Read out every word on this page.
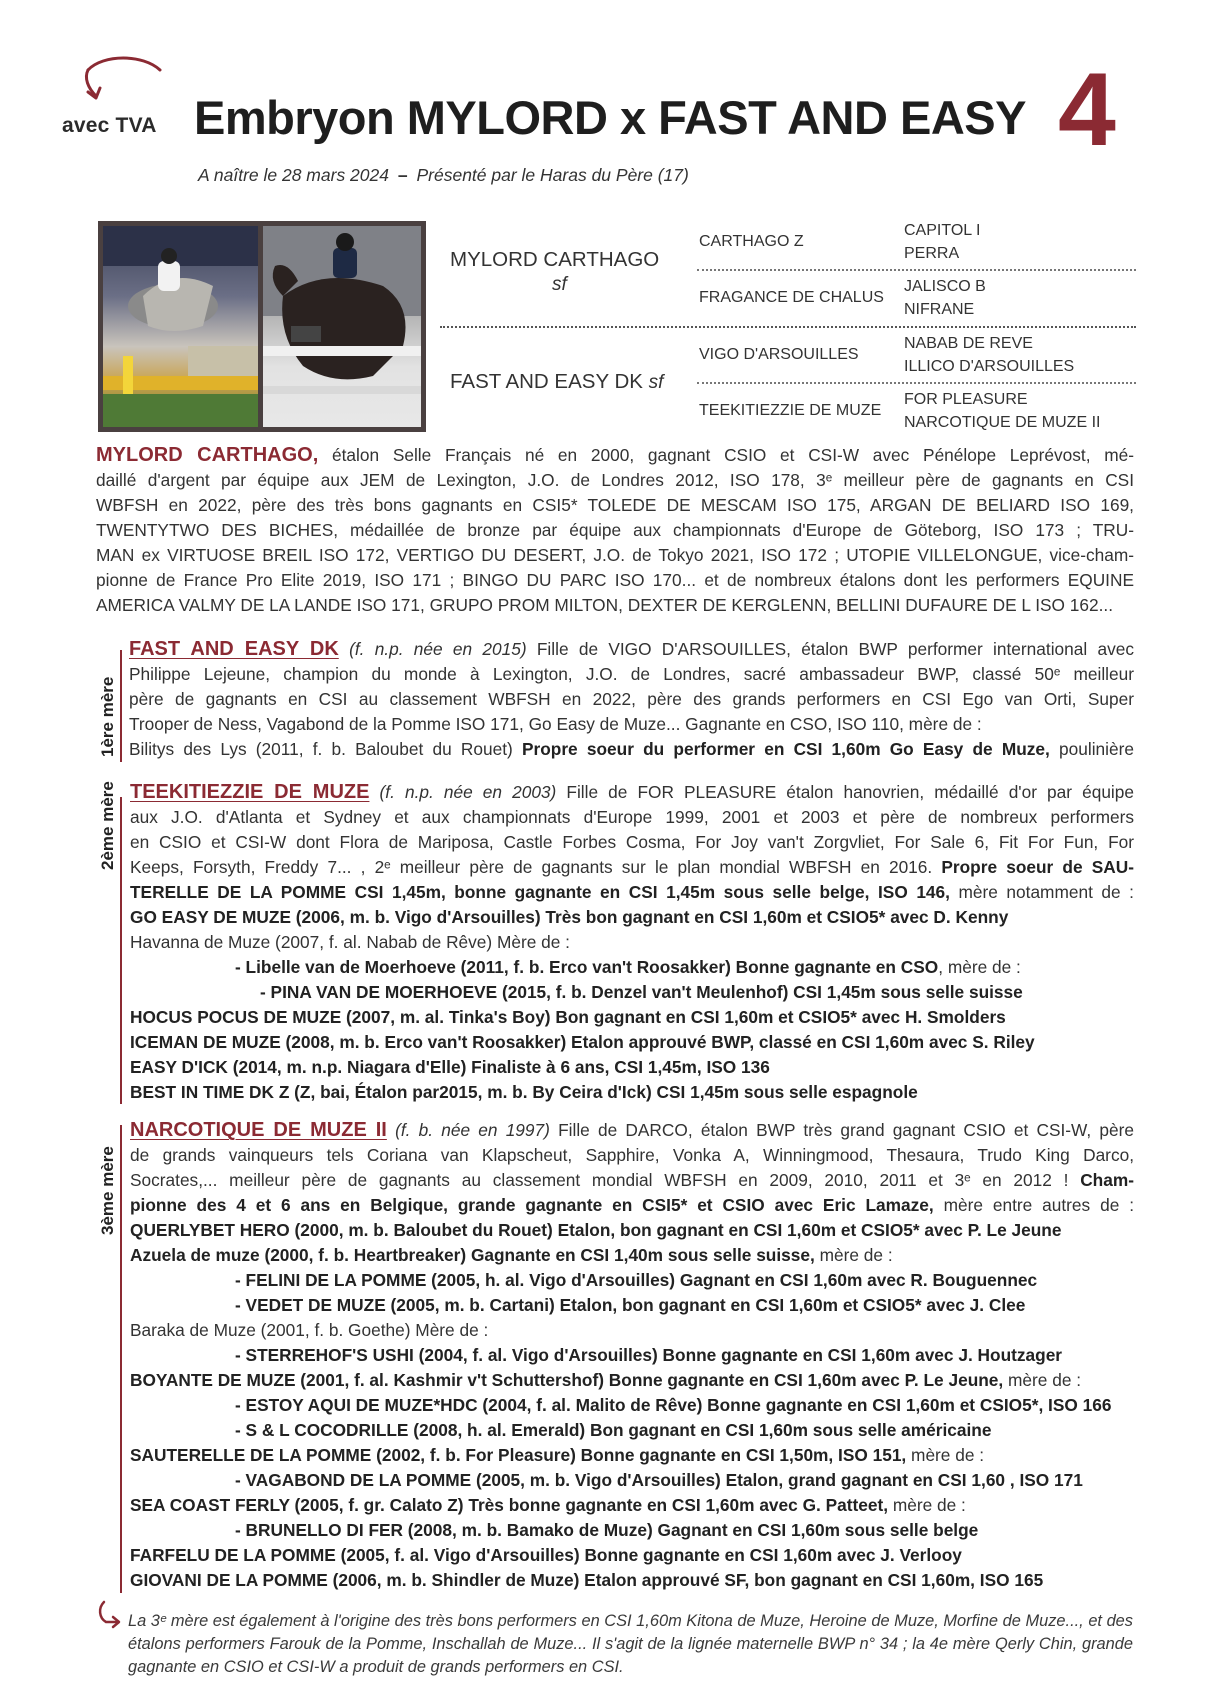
avec TVA Embryon MYLORD x FAST AND EASY 4
A naître le 28 mars 2024 – Présenté par le Haras du Père (17)
MYLORD CARTHAGO
sf
FAST AND EASY DK sf
CARTHAGO Z
FRAGANCE DE CHALUS
VIGO D'ARSOUILLES
TEEKITIEZZIE DE MUZE
CAPITOL I
PERRA
JALISCO B
NIFRANE
NABAB DE REVE
ILLICO D'ARSOUILLES
FOR PLEASURE
NARCOTIQUE DE MUZE II
MYLORD CARTHAGO, étalon Selle Français né en 2000, gagnant CSIO et CSI-W avec Pénélope Leprévost, mé-
daillé d'argent par équipe aux JEM de Lexington, J.O. de Londres 2012, ISO 178, 3ᵉ meilleur père de gagnants en CSI
WBFSH en 2022, père des très bons gagnants en CSI5* TOLEDE DE MESCAM ISO 175, ARGAN DE BELIARD ISO 169,
TWENTYTWO DES BICHES, médaillée de bronze par équipe aux championnats d'Europe de Göteborg, ISO 173 ; TRU-
MAN ex VIRTUOSE BREIL ISO 172, VERTIGO DU DESERT, J.O. de Tokyo 2021, ISO 172 ; UTOPIE VILLELONGUE, vice-cham-
pionne de France Pro Elite 2019, ISO 171 ; BINGO DU PARC ISO 170... et de nombreux étalons dont les performers EQUINE
AMERICA VALMY DE LA LANDE ISO 171, GRUPO PROM MILTON, DEXTER DE KERGLENN, BELLINI DUFAURE DE L ISO 162...
1ère mère
FAST AND EASY DK (f. n.p. née en 2015) Fille de VIGO D'ARSOUILLES, étalon BWP performer international avec
Philippe Lejeune, champion du monde à Lexington, J.O. de Londres, sacré ambassadeur BWP, classé 50ᵉ meilleur
père de gagnants en CSI au classement WBFSH en 2022, père des grands performers en CSI Ego van Orti, Super
Trooper de Ness, Vagabond de la Pomme ISO 171, Go Easy de Muze... Gagnante en CSO, ISO 110, mère de :
Bilitys des Lys (2011, f. b. Baloubet du Rouet) Propre soeur du performer en CSI 1,60m Go Easy de Muze, poulinière
2ème mère TEEKITIEZZIE DE MUZE (f. n.p. née en 2003) Fille de FOR PLEASURE étalon hanovrien, médaillé d'or par équipe
aux J.O. d'Atlanta et Sydney et aux championnats d'Europe 1999, 2001 et 2003 et père de nombreux performers
en CSIO et CSI-W dont Flora de Mariposa, Castle Forbes Cosma, For Joy van't Zorgvliet, For Sale 6, Fit For Fun, For
Keeps, Forsyth, Freddy 7... , 2ᵉ meilleur père de gagnants sur le plan mondial WBFSH en 2016. Propre soeur de SAU-
TERELLE DE LA POMME CSI 1,45m, bonne gagnante en CSI 1,45m sous selle belge, ISO 146, mère notamment de :
GO EASY DE MUZE (2006, m. b. Vigo d'Arsouilles) Très bon gagnant en CSI 1,60m et CSIO5* avec D. Kenny
Havanna de Muze (2007, f. al. Nabab de Rêve) Mère de :
- Libelle van de Moerhoeve (2011, f. b. Erco van't Roosakker) Bonne gagnante en CSO, mère de :
- PINA VAN DE MOERHOEVE (2015, f. b. Denzel van't Meulenhof) CSI 1,45m sous selle suisse
HOCUS POCUS DE MUZE (2007, m. al. Tinka's Boy) Bon gagnant en CSI 1,60m et CSIO5* avec H. Smolders
ICEMAN DE MUZE (2008, m. b. Erco van't Roosakker) Etalon approuvé BWP, classé en CSI 1,60m avec S. Riley
EASY D'ICK (2014, m. n.p. Niagara d'Elle) Finaliste à 6 ans, CSI 1,45m, ISO 136
BEST IN TIME DK Z (Z, bai, Étalon par2015, m. b. By Ceira d'Ick) CSI 1,45m sous selle espagnole
3ème mère
NARCOTIQUE DE MUZE II (f. b. née en 1997) Fille de DARCO, étalon BWP très grand gagnant CSIO et CSI-W, père
de grands vainqueurs tels Coriana van Klapscheut, Sapphire, Vonka A, Winningmood, Thesaura, Trudo King Darco,
Socrates,... meilleur père de gagnants au classement mondial WBFSH en 2009, 2010, 2011 et 3ᵉ en 2012 ! Cham-
pionne des 4 et 6 ans en Belgique, grande gagnante en CSI5* et CSIO avec Eric Lamaze, mère entre autres de :
QUERLYBET HERO (2000, m. b. Baloubet du Rouet) Etalon, bon gagnant en CSI 1,60m et CSIO5* avec P. Le Jeune
Azuela de muze (2000, f. b. Heartbreaker) Gagnante en CSI 1,40m sous selle suisse, mère de :
- FELINI DE LA POMME (2005, h. al. Vigo d'Arsouilles) Gagnant en CSI 1,60m avec R. Bouguennec
- VEDET DE MUZE (2005, m. b. Cartani) Etalon, bon gagnant en CSI 1,60m et CSIO5* avec J. Clee
Baraka de Muze (2001, f. b. Goethe) Mère de :
- STERREHOF'S USHI (2004, f. al. Vigo d'Arsouilles) Bonne gagnante en CSI 1,60m avec J. Houtzager
BOYANTE DE MUZE (2001, f. al. Kashmir v't Schuttershof) Bonne gagnante en CSI 1,60m avec P. Le Jeune, mère de :
- ESTOY AQUI DE MUZE*HDC (2004, f. al. Malito de Rêve) Bonne gagnante en CSI 1,60m et CSIO5*, ISO 166
- S & L COCODRILLE (2008, h. al. Emerald) Bon gagnant en CSI 1,60m sous selle américaine
SAUTERELLE DE LA POMME (2002, f. b. For Pleasure) Bonne gagnante en CSI 1,50m, ISO 151, mère de :
- VAGABOND DE LA POMME (2005, m. b. Vigo d'Arsouilles) Etalon, grand gagnant en CSI 1,60 , ISO 171
SEA COAST FERLY (2005, f. gr. Calato Z) Très bonne gagnante en CSI 1,60m avec G. Patteet, mère de :
- BRUNELLO DI FER (2008, m. b. Bamako de Muze) Gagnant en CSI 1,60m sous selle belge
FARFELU DE LA POMME (2005, f. al. Vigo d'Arsouilles) Bonne gagnante en CSI 1,60m avec J. Verlooy
GIOVANI DE LA POMME (2006, m. b. Shindler de Muze) Etalon approuvé SF, bon gagnant en CSI 1,60m, ISO 165
La 3ᵉ mère est également à l'origine des très bons performers en CSI 1,60m Kitona de Muze, Heroine de Muze, Morfine de Muze..., et des étalons performers Farouk de la Pomme, Inschallah de Muze... Il s'agit de la lignée maternelle BWP n° 34 ; la 4e mère Qerly Chin, grande gagnante en CSIO et CSI-W a produit de grands performers en CSI.
